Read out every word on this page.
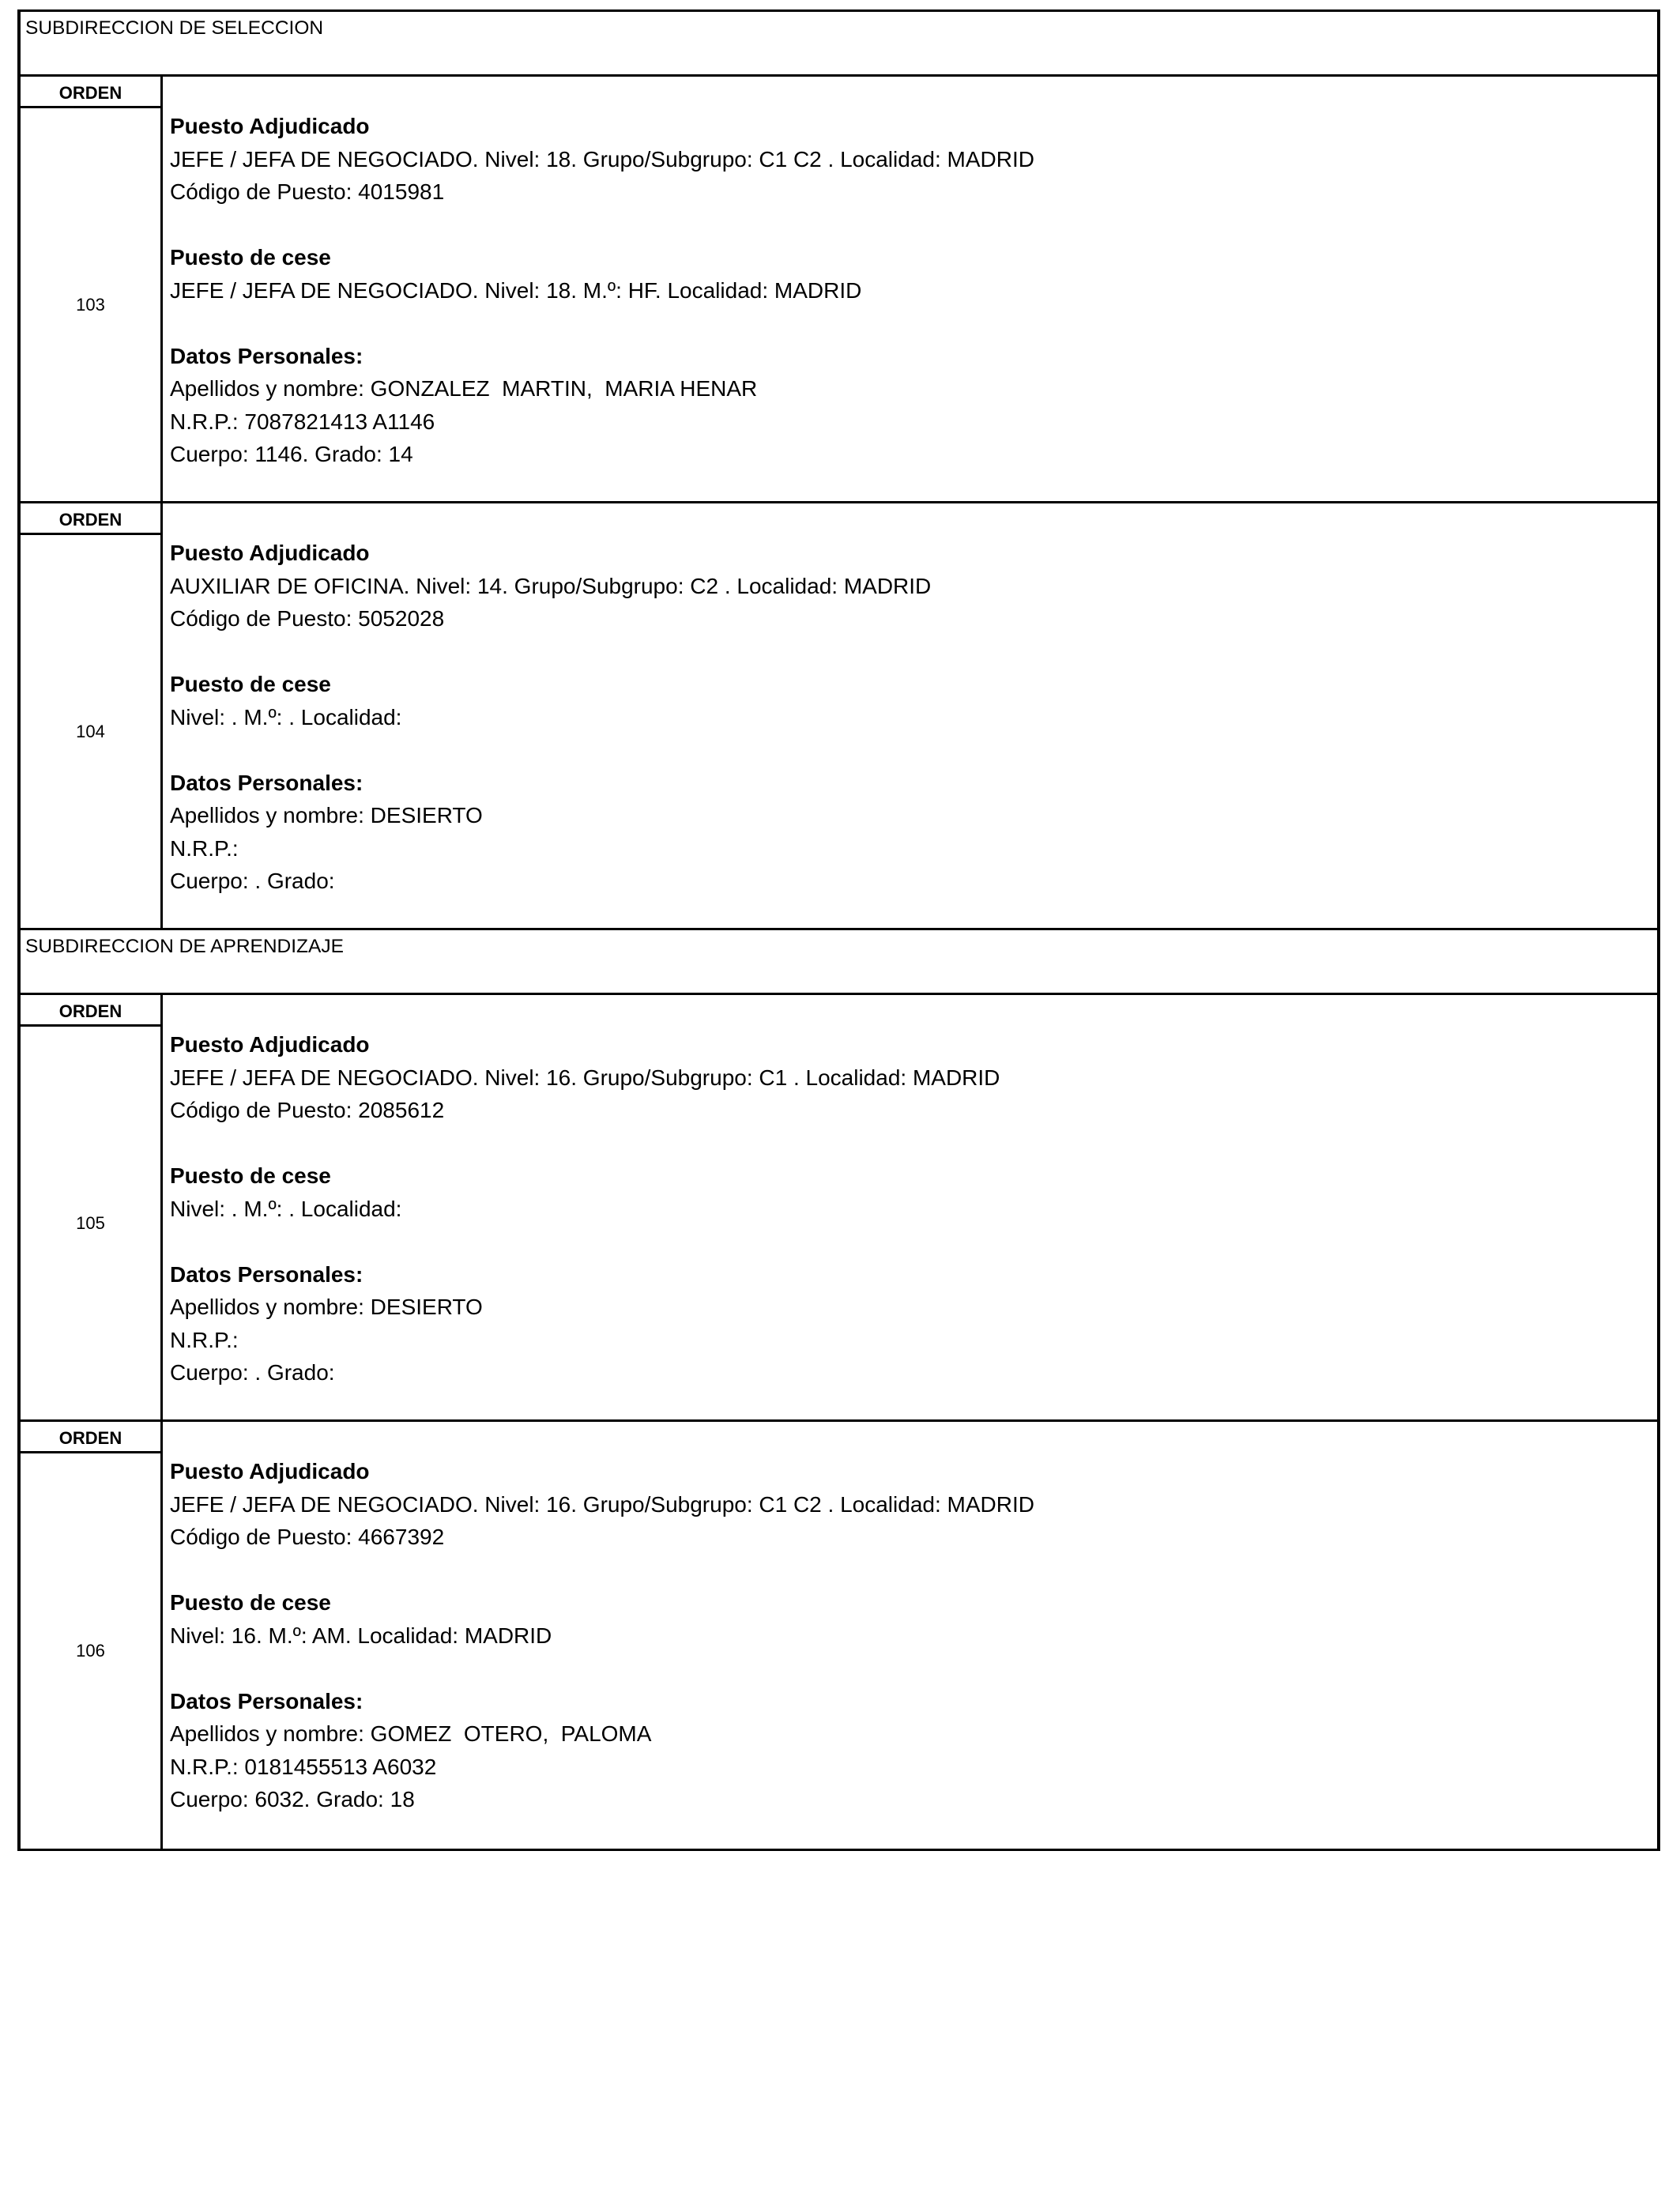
SUBDIRECCION DE SELECCION
ORDEN
103
Puesto Adjudicado
JEFE / JEFA DE NEGOCIADO. Nivel: 18. Grupo/Subgrupo: C1 C2 . Localidad: MADRID
Código de Puesto: 4015981
Puesto de cese
JEFE / JEFA DE NEGOCIADO. Nivel: 18. M.º: HF. Localidad: MADRID
Datos Personales:
Apellidos y nombre: GONZALEZ  MARTIN,  MARIA HENAR
N.R.P.: 7087821413 A1146
Cuerpo: 1146. Grado: 14
ORDEN
104
Puesto Adjudicado
AUXILIAR DE OFICINA. Nivel: 14. Grupo/Subgrupo: C2 . Localidad: MADRID
Código de Puesto: 5052028
Puesto de cese
Nivel: . M.º: . Localidad:
Datos Personales:
Apellidos y nombre: DESIERTO
N.R.P.:
Cuerpo: . Grado:
SUBDIRECCION DE APRENDIZAJE
ORDEN
105
Puesto Adjudicado
JEFE / JEFA DE NEGOCIADO. Nivel: 16. Grupo/Subgrupo: C1 . Localidad: MADRID
Código de Puesto: 2085612
Puesto de cese
Nivel: . M.º: . Localidad:
Datos Personales:
Apellidos y nombre: DESIERTO
N.R.P.:
Cuerpo: . Grado:
ORDEN
106
Puesto Adjudicado
JEFE / JEFA DE NEGOCIADO. Nivel: 16. Grupo/Subgrupo: C1 C2 . Localidad: MADRID
Código de Puesto: 4667392
Puesto de cese
Nivel: 16. M.º: AM. Localidad: MADRID
Datos Personales:
Apellidos y nombre: GOMEZ  OTERO,  PALOMA
N.R.P.: 0181455513 A6032
Cuerpo: 6032. Grado: 18
